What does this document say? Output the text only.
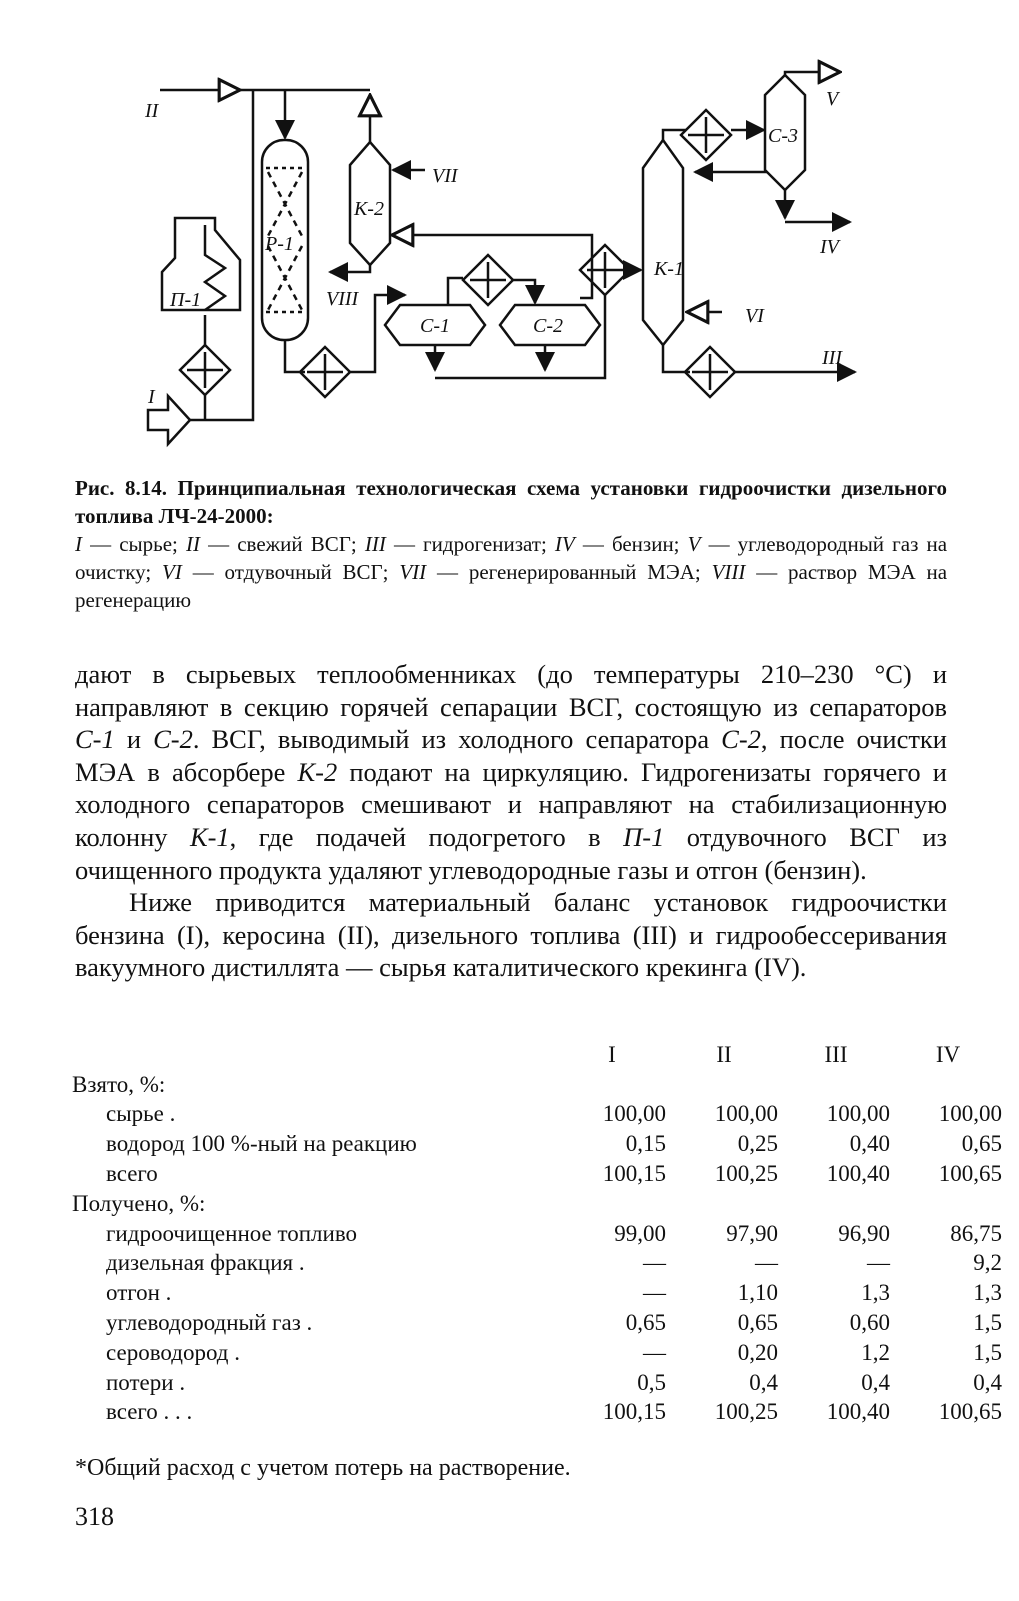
II
I
П-1
Р-1
К-2
VII
VIII
С-1	С-2
К-1
VI
III
IV
V
С-3
Рис. 8.14. Принципиальная технологическая схема установки гидроочистки дизельного топлива ЛЧ-24-2000:
I — сырье; II — свежий ВСГ; III — гидрогенизат; IV — бензин; V — углеводородный газ на очистку; VI — отдувочный ВСГ; VII — регенерированный МЭА; VIII — раствор МЭА на регенерацию

дают в сырьевых теплообменниках (до температуры 210–230 °С) и направляют в секцию горячей сепарации ВСГ, состоящую из сепараторов С-1 и С-2. ВСГ, выводимый из холодного сепаратора С-2, после очистки МЭА в абсорбере К-2 подают на циркуляцию. Гидрогенизаты горячего и холодного сепараторов смешивают и направляют на стабилизационную колонну К-1, где подачей подогретого в П-1 отдувочного ВСГ из очищенного продукта удаляют углеводородные газы и отгон (бензин).

Ниже приводится материальный баланс установок гидроочистки бензина (I), керосина (II), дизельного топлива (III) и гидрообессеривания вакуумного дистиллята — сырья каталитического крекинга (IV).

	I	II	III	IV
Взято, %:				
сырье .	100,00	100,00	100,00	100,00
водород 100 %-ный на реакцию	0,15	0,25	0,40	0,65
всего	100,15	100,25	100,40	100,65
Получено, %:				
гидроочищенное топливо	99,00	97,90	96,90	86,75
дизельная фракция .	—	—	—	9,2
отгон .	—	1,10	1,3	1,3
углеводородный газ .	0,65	0,65	0,60	1,5
сероводород .	—	0,20	1,2	1,5
потери .	0,5	0,4	0,4	0,4
всего . . .	100,15	100,25	100,40	100,65
*Общий расход с учетом потерь на растворение.
318
